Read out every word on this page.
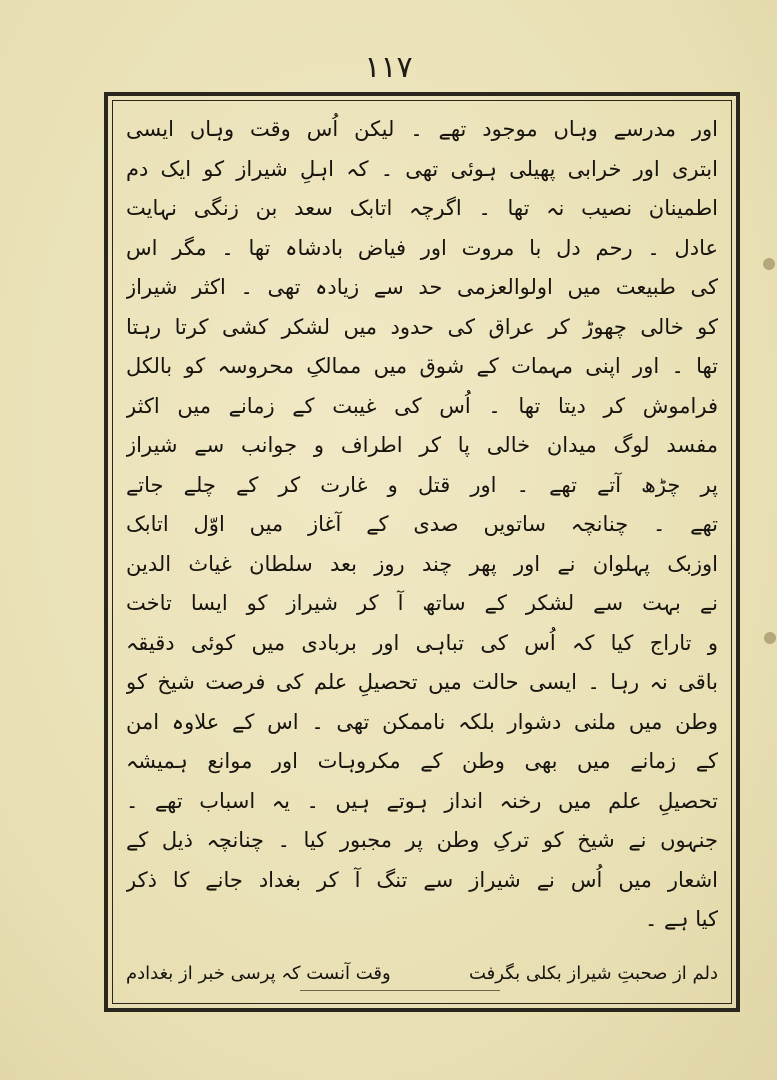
۱۱۷
اور مدرسے وہاں موجود تھے ۔ لیکن اُس وقت وہاں ایسی
ابتری اور خرابی پھیلی ہوئی تھی ۔ کہ اہلِ شیراز کو ایک دم
اطمینان نصیب نہ تھا ۔ اگرچہ اتابک سعد بن زنگی نہایت
عادل ۔ رحم دل با مروت اور فیاض بادشاہ تھا ۔ مگر اس
کی طبیعت میں اولوالعزمی حد سے زیادہ تھی ۔ اکثر شیراز
کو خالی چھوڑ کر عراق کی حدود میں لشکر کشی کرتا رہتا
تھا ۔ اور اپنی مہمات کے شوق میں ممالکِ محروسہ کو بالکل
فراموش کر دیتا تھا ۔ اُس کی غیبت کے زمانے میں اکثر
مفسد لوگ میدان خالی پا کر اطراف و جوانب سے شیراز
پر چڑھ آتے تھے ۔ اور قتل و غارت کر کے چلے جاتے
تھے ۔ چنانچہ ساتویں صدی کے آغاز میں اوّل اتابک
اوزبک پہلوان نے اور پھر چند روز بعد سلطان غیاث الدین
نے بہت سے لشکر کے ساتھ آ کر شیراز کو ایسا تاخت
و تاراج کیا کہ اُس کی تباہی اور بربادی میں کوئی دقیقہ
باقی نہ رہا ۔ ایسی حالت میں تحصیلِ علم کی فرصت شیخ کو
وطن میں ملنی دشوار بلکہ ناممکن تھی ۔ اس کے علاوہ امن
کے زمانے میں بھی وطن کے مکروہات اور موانع ہمیشہ
تحصیلِ علم میں رخنہ انداز ہوتے ہیں ۔ یہ اسباب تھے ۔
جنہوں نے شیخ کو ترکِ وطن پر مجبور کیا ۔ چنانچہ ذیل کے
اشعار میں اُس نے شیراز سے تنگ آ کر بغداد جانے کا ذکر
کیا ہے ۔
دلم از صحبتِ شیراز بکلی بگرفت
وقت آنست کہ پرسی خبر از بغدادم
